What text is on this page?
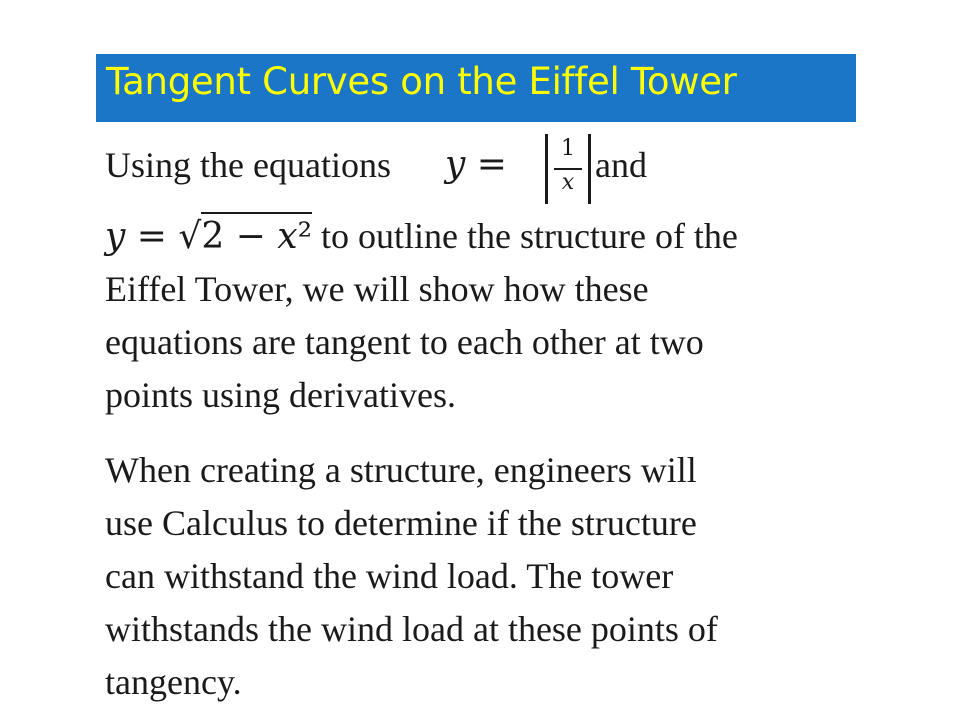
Tangent Curves on the Eiffel Tower
Using the equations 𝑦 =	1
𝑥 and
𝑦 = √2 − 𝑥² to outline the structure of the
Eiffel Tower, we will show how these
equations are tangent to each other at two
points using derivatives.
When creating a structure, engineers will
use Calculus to determine if the structure
can withstand the wind load. The tower
withstands the wind load at these points of
tangency.
